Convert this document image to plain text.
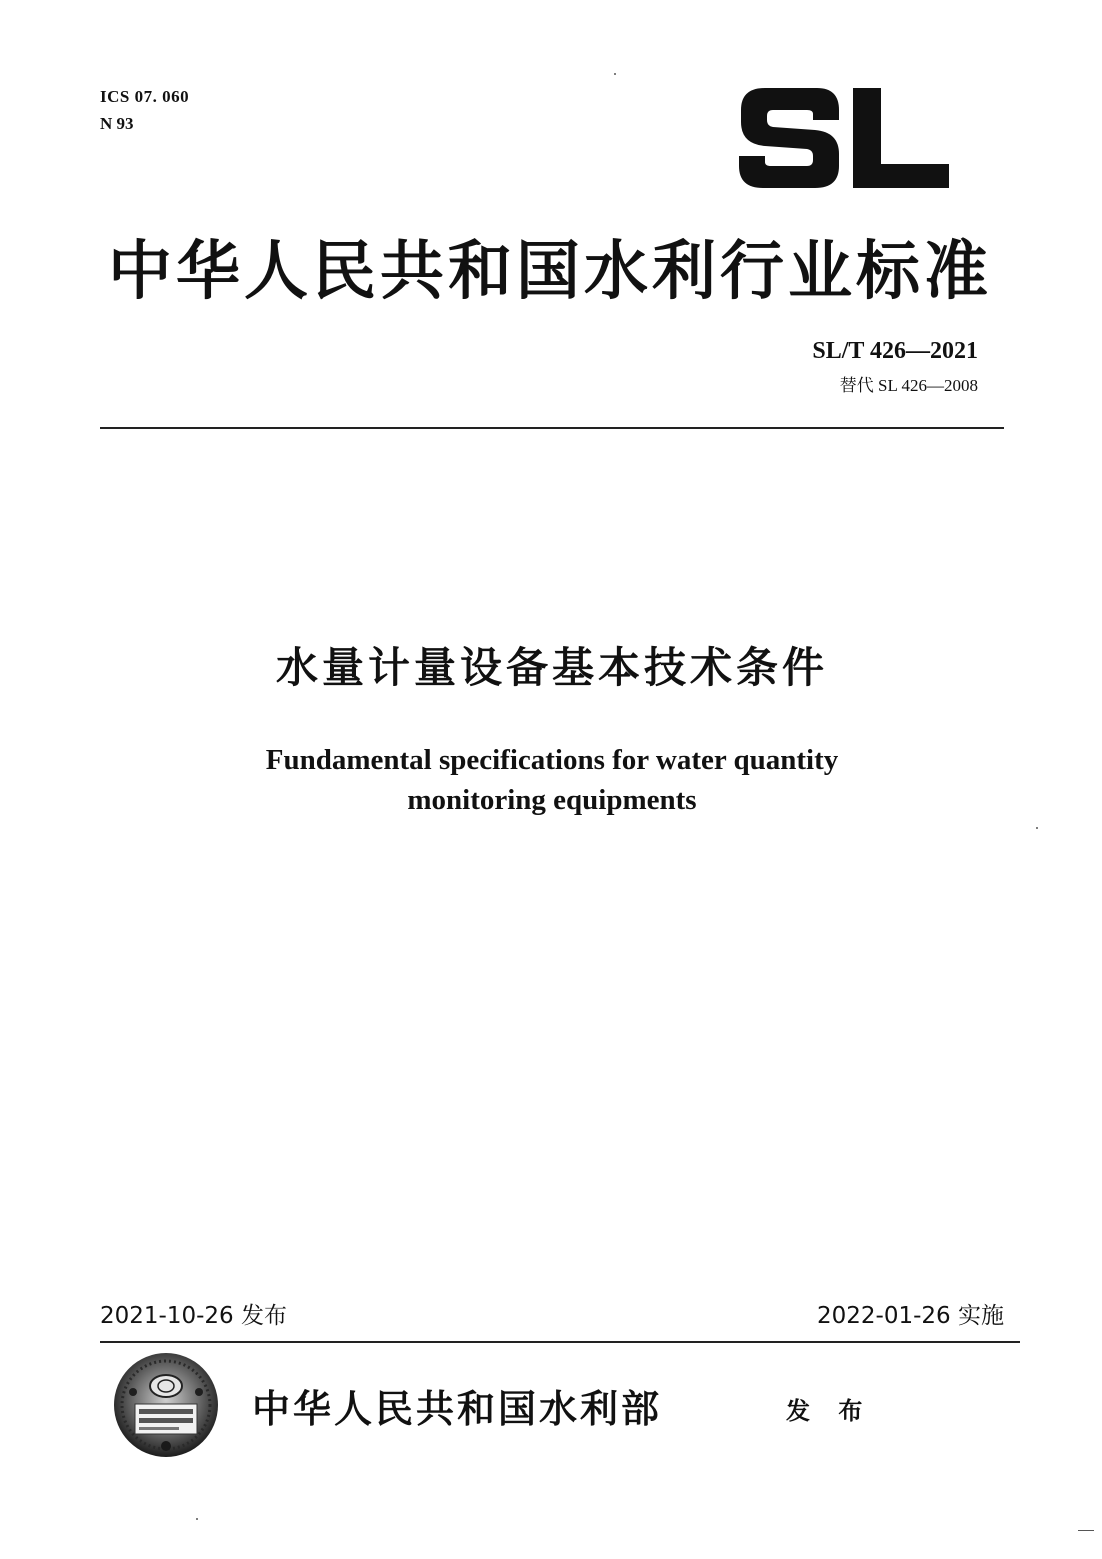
ICS 07. 060
N 93
中华人民共和国水利行业标准
SL/T 426—2021
替代 SL 426—2008
水量计量设备基本技术条件
Fundamental specifications for water quantity
monitoring equipments
2021-10-26 发布	2022-01-26 实施
中华人民共和国水利部	发 布
